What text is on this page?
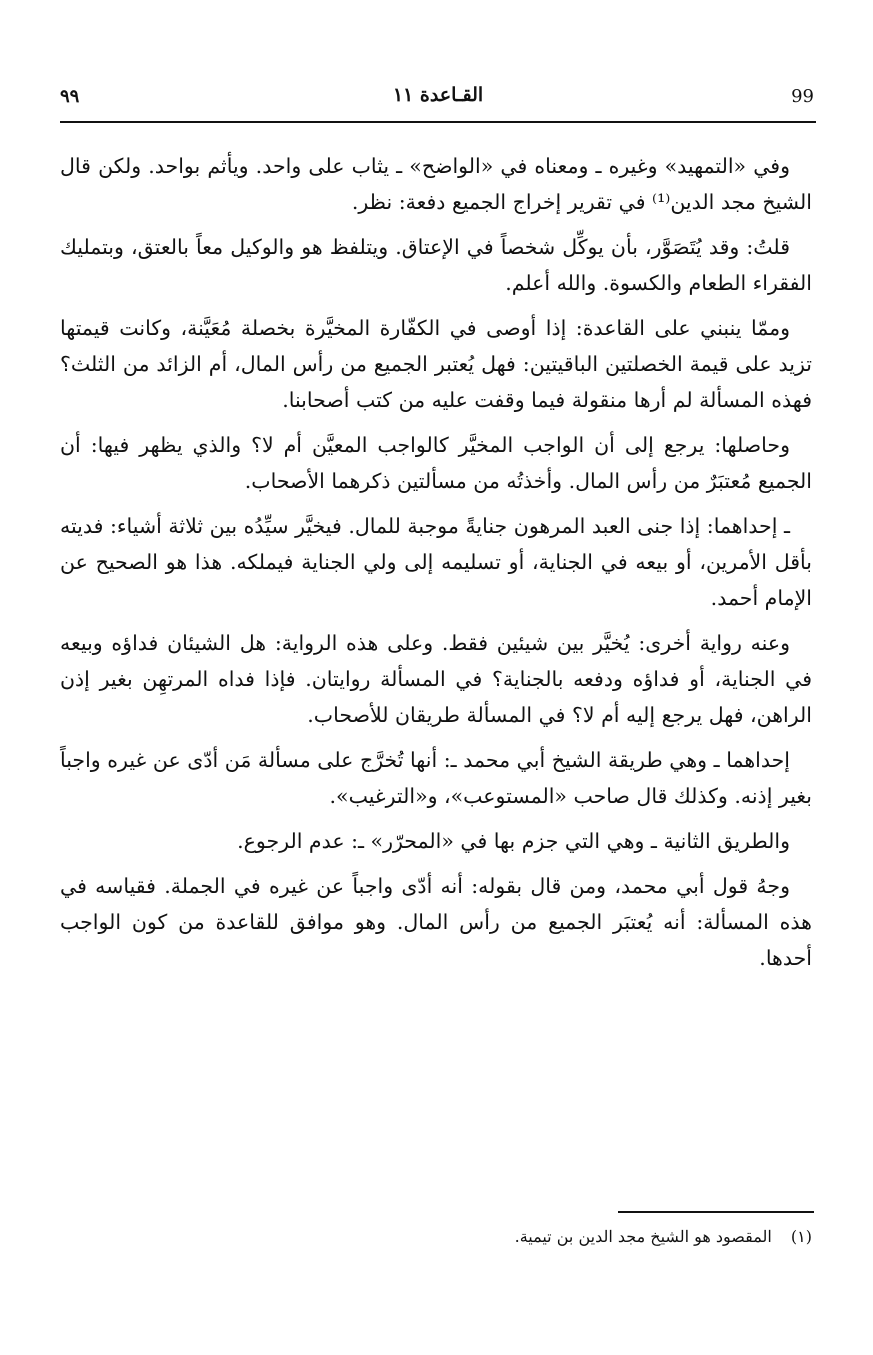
99
القـاعدة ١١
٩٩

وفي «التمهيد» وغيره ـ ومعناه في «الواضح» ـ يثاب على واحد. ويأثم بواحد. ولكن قال الشيخ مجد الدين⁽¹⁾ في تقرير إخراج الجميع دفعة: نظر.

قلتُ: وقد يُتَصَوَّر، بأن يوكِّل شخصاً في الإعتاق. ويتلفظ هو والوكيل معاً بالعتق، وبتمليك الفقراء الطعام والكسوة. والله أعلم.

وممّا ينبني على القاعدة: إذا أوصى في الكفّارة المخيَّرة بخصلة مُعَيَّنة، وكانت قيمتها تزيد على قيمة الخصلتين الباقيتين: فهل يُعتبر الجميع من رأس المال، أم الزائد من الثلث؟ فهذه المسألة لم أرها منقولة فيما وقفت عليه من كتب أصحابنا.

وحاصلها: يرجع إلى أن الواجب المخيَّر كالواجب المعيَّن أم لا؟ والذي يظهر فيها: أن الجميع مُعتبَرٌ من رأس المال. وأخذتُه من مسألتين ذكرهما الأصحاب.

ـ إحداهما: إذا جنى العبد المرهون جنايةً موجبة للمال. فيخيَّر سيِّدُه بين ثلاثة أشياء: فديته بأقل الأمرين، أو بيعه في الجناية، أو تسليمه إلى ولي الجناية فيملكه. هذا هو الصحيح عن الإمام أحمد.

وعنه رواية أخرى: يُخيَّر بين شيئين فقط. وعلى هذه الرواية: هل الشيئان فداؤه وبيعه في الجناية، أو فداؤه ودفعه بالجناية؟ في المسألة روايتان. فإذا فداه المرتهِن بغير إذن الراهن، فهل يرجع إليه أم لا؟ في المسألة طريقان للأصحاب.

إحداهما ـ وهي طريقة الشيخ أبي محمد ـ: أنها تُخرَّج على مسألة مَن أدّى عن غيره واجباً بغير إذنه. وكذلك قال صاحب «المستوعب»، و«الترغيب».

والطريق الثانية ـ وهي التي جزم بها في «المحرّر» ـ: عدم الرجوع.

وجهُ قول أبي محمد، ومن قال بقوله: أنه أدّى واجباً عن غيره في الجملة. فقياسه في هذه المسألة: أنه يُعتبَر الجميع من رأس المال. وهو موافق للقاعدة من كون الواجب أحدها.

(١) المقصود هو الشيخ مجد الدين بن تيمية.
